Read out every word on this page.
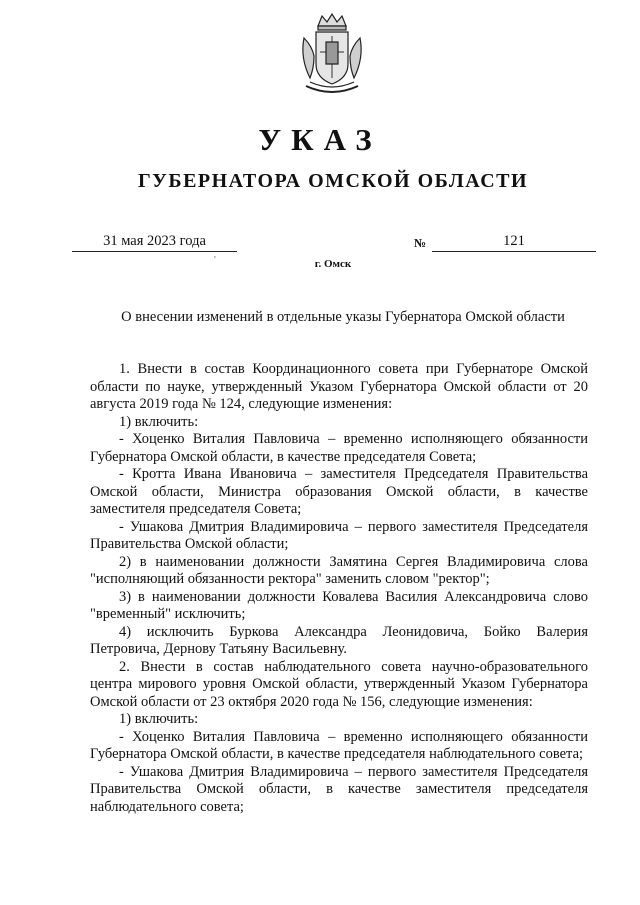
УКАЗ
ГУБЕРНАТОРА ОМСКОЙ ОБЛАСТИ
31 мая 2023 года
'
№	121
г. Омск
О внесении изменений в отдельные указы Губернатора Омской области

1. Внести в состав Координационного совета при Губернаторе Омской области по науке, утвержденный Указом Губернатора Омской области от 20 августа 2019 года № 124, следующие изменения:

1) включить:

- Хоценко Виталия Павловича – временно исполняющего обязанности Губернатора Омской области, в качестве председателя Совета;

- Кротта Ивана Ивановича – заместителя Председателя Правительства Омской области, Министра образования Омской области, в качестве заместителя председателя Совета;

- Ушакова Дмитрия Владимировича – первого заместителя Председателя Правительства Омской области;

2) в наименовании должности Замятина Сергея Владимировича слова "исполняющий обязанности ректора" заменить словом "ректор";

3) в наименовании должности Ковалева Василия Александровича слово "временный" исключить;

4) исключить Буркова Александра Леонидовича, Бойко Валерия Петровича, Дернову Татьяну Васильевну.

2. Внести в состав наблюдательного совета научно-образовательного центра мирового уровня Омской области, утвержденный Указом Губернатора Омской области от 23 октября 2020 года № 156, следующие изменения:

1) включить:

- Хоценко Виталия Павловича – временно исполняющего обязанности Губернатора Омской области, в качестве председателя наблюдательного совета;

- Ушакова Дмитрия Владимировича – первого заместителя Председателя Правительства Омской области, в качестве заместителя председателя наблюдательного совета;
